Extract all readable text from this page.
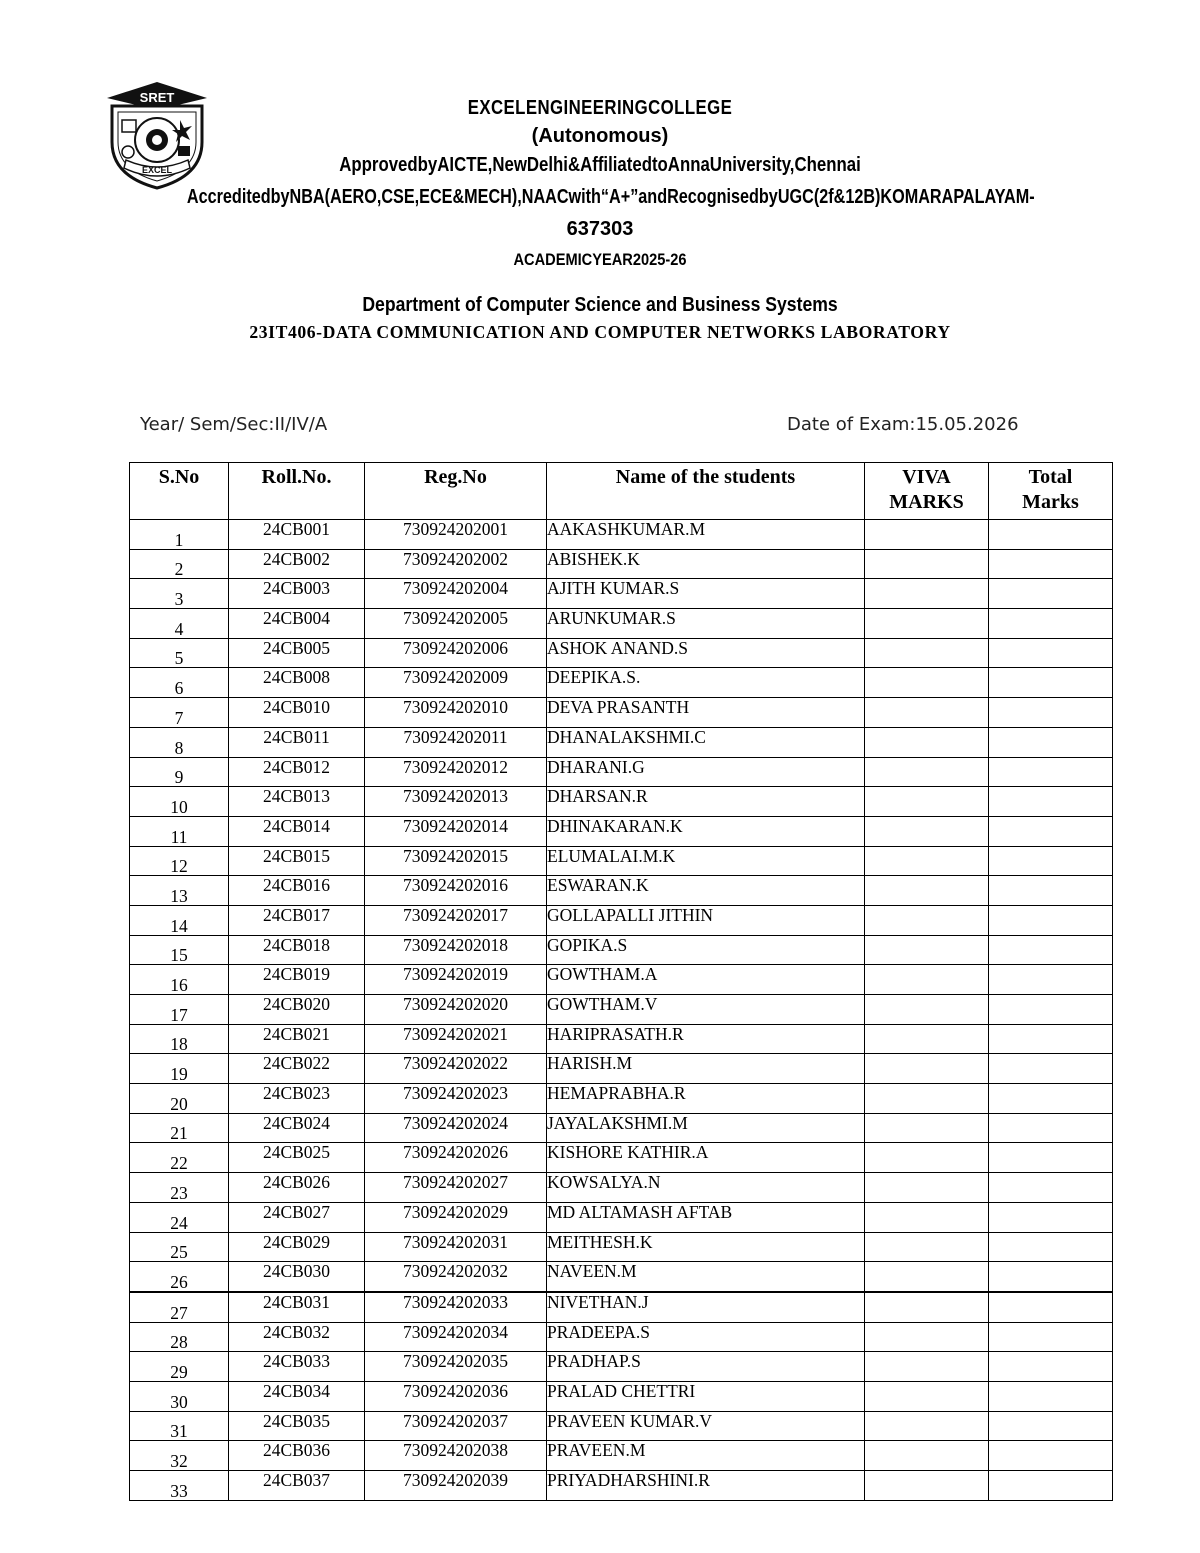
SRET
EXCEL
EXCELENGINEERINGCOLLEGE
(Autonomous)
ApprovedbyAICTE,NewDelhi&AffiliatedtoAnnaUniversity,Chennai
AccreditedbyNBA(AERO,CSE,ECE&MECH),NAACwith“A+”andRecognisedbyUGC(2f&12B)KOMARAPALAYAM-
637303
ACADEMICYEAR2025-26
Department of Computer Science and Business Systems
23IT406-DATA COMMUNICATION AND COMPUTER NETWORKS LABORATORY
Year/ Sem/Sec:II/IV/A	Date of Exam:15.05.2026
S.No	Roll.No.	Reg.No	Name of the students	VIVA MARKS	Total Marks
1	24CB001	730924202001	AAKASHKUMAR.M		
2	24CB002	730924202002	ABISHEK.K		
3	24CB003	730924202004	AJITH KUMAR.S		
4	24CB004	730924202005	ARUNKUMAR.S		
5	24CB005	730924202006	ASHOK ANAND.S		
6	24CB008	730924202009	DEEPIKA.S.		
7	24CB010	730924202010	DEVA PRASANTH		
8	24CB011	730924202011	DHANALAKSHMI.C		
9	24CB012	730924202012	DHARANI.G		
10	24CB013	730924202013	DHARSAN.R		
11	24CB014	730924202014	DHINAKARAN.K		
12	24CB015	730924202015	ELUMALAI.M.K		
13	24CB016	730924202016	ESWARAN.K		
14	24CB017	730924202017	GOLLAPALLI JITHIN		
15	24CB018	730924202018	GOPIKA.S		
16	24CB019	730924202019	GOWTHAM.A		
17	24CB020	730924202020	GOWTHAM.V		
18	24CB021	730924202021	HARIPRASATH.R		
19	24CB022	730924202022	HARISH.M		
20	24CB023	730924202023	HEMAPRABHA.R		
21	24CB024	730924202024	JAYALAKSHMI.M		
22	24CB025	730924202026	KISHORE KATHIR.A		
23	24CB026	730924202027	KOWSALYA.N		
24	24CB027	730924202029	MD ALTAMASH AFTAB		
25	24CB029	730924202031	MEITHESH.K		
26	24CB030	730924202032	NAVEEN.M		
27	24CB031	730924202033	NIVETHAN.J		
28	24CB032	730924202034	PRADEEPA.S		
29	24CB033	730924202035	PRADHAP.S		
30	24CB034	730924202036	PRALAD CHETTRI		
31	24CB035	730924202037	PRAVEEN KUMAR.V		
32	24CB036	730924202038	PRAVEEN.M		
33	24CB037	730924202039	PRIYADHARSHINI.R		
